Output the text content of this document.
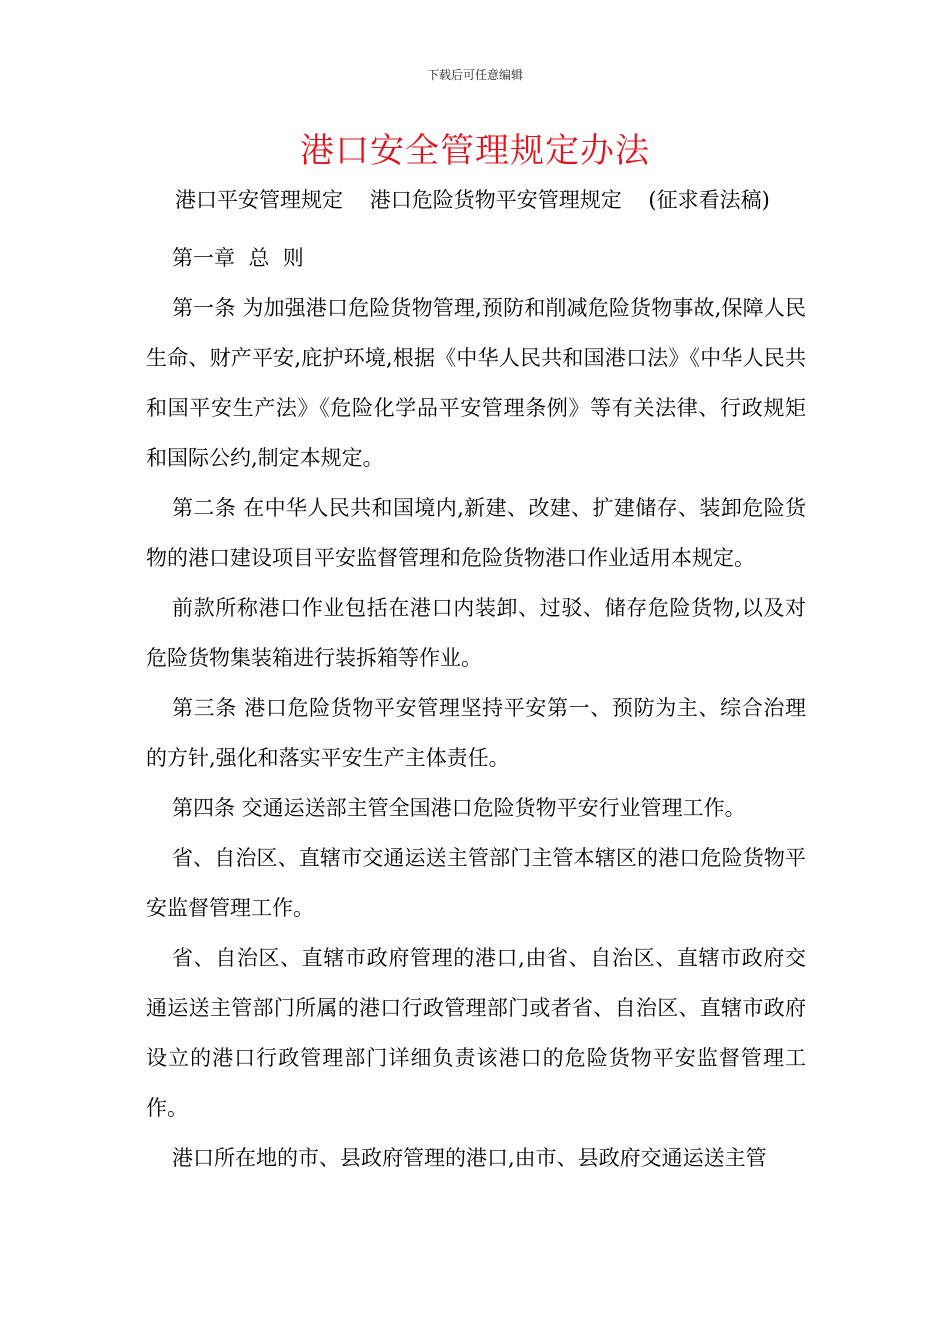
下载后可任意编辑
港口安全管理规定办法
港口平安管理规定    港口危险货物平安管理规定    (征求看法稿)

第一章  总  则

第一条 为加强港口危险货物管理,预防和削减危险货物事故,保障人民生命、财产平安,庇护环境,根据《中华人民共和国港口法》《中华人民共和国平安生产法》《危险化学品平安管理条例》等有关法律、行政规矩和国际公约,制定本规定。

第二条 在中华人民共和国境内,新建、改建、扩建储存、装卸危险货物的港口建设项目平安监督管理和危险货物港口作业适用本规定。

前款所称港口作业包括在港口内装卸、过驳、储存危险货物,以及对危险货物集装箱进行装拆箱等作业。

第三条 港口危险货物平安管理坚持平安第一、预防为主、综合治理的方针,强化和落实平安生产主体责任。

第四条 交通运送部主管全国港口危险货物平安行业管理工作。

省、自治区、直辖市交通运送主管部门主管本辖区的港口危险货物平安监督管理工作。

省、自治区、直辖市政府管理的港口,由省、自治区、直辖市政府交通运送主管部门所属的港口行政管理部门或者省、自治区、直辖市政府设立的港口行政管理部门详细负责该港口的危险货物平安监督管理工作。

港口所在地的市、县政府管理的港口,由市、县政府交通运送主管
